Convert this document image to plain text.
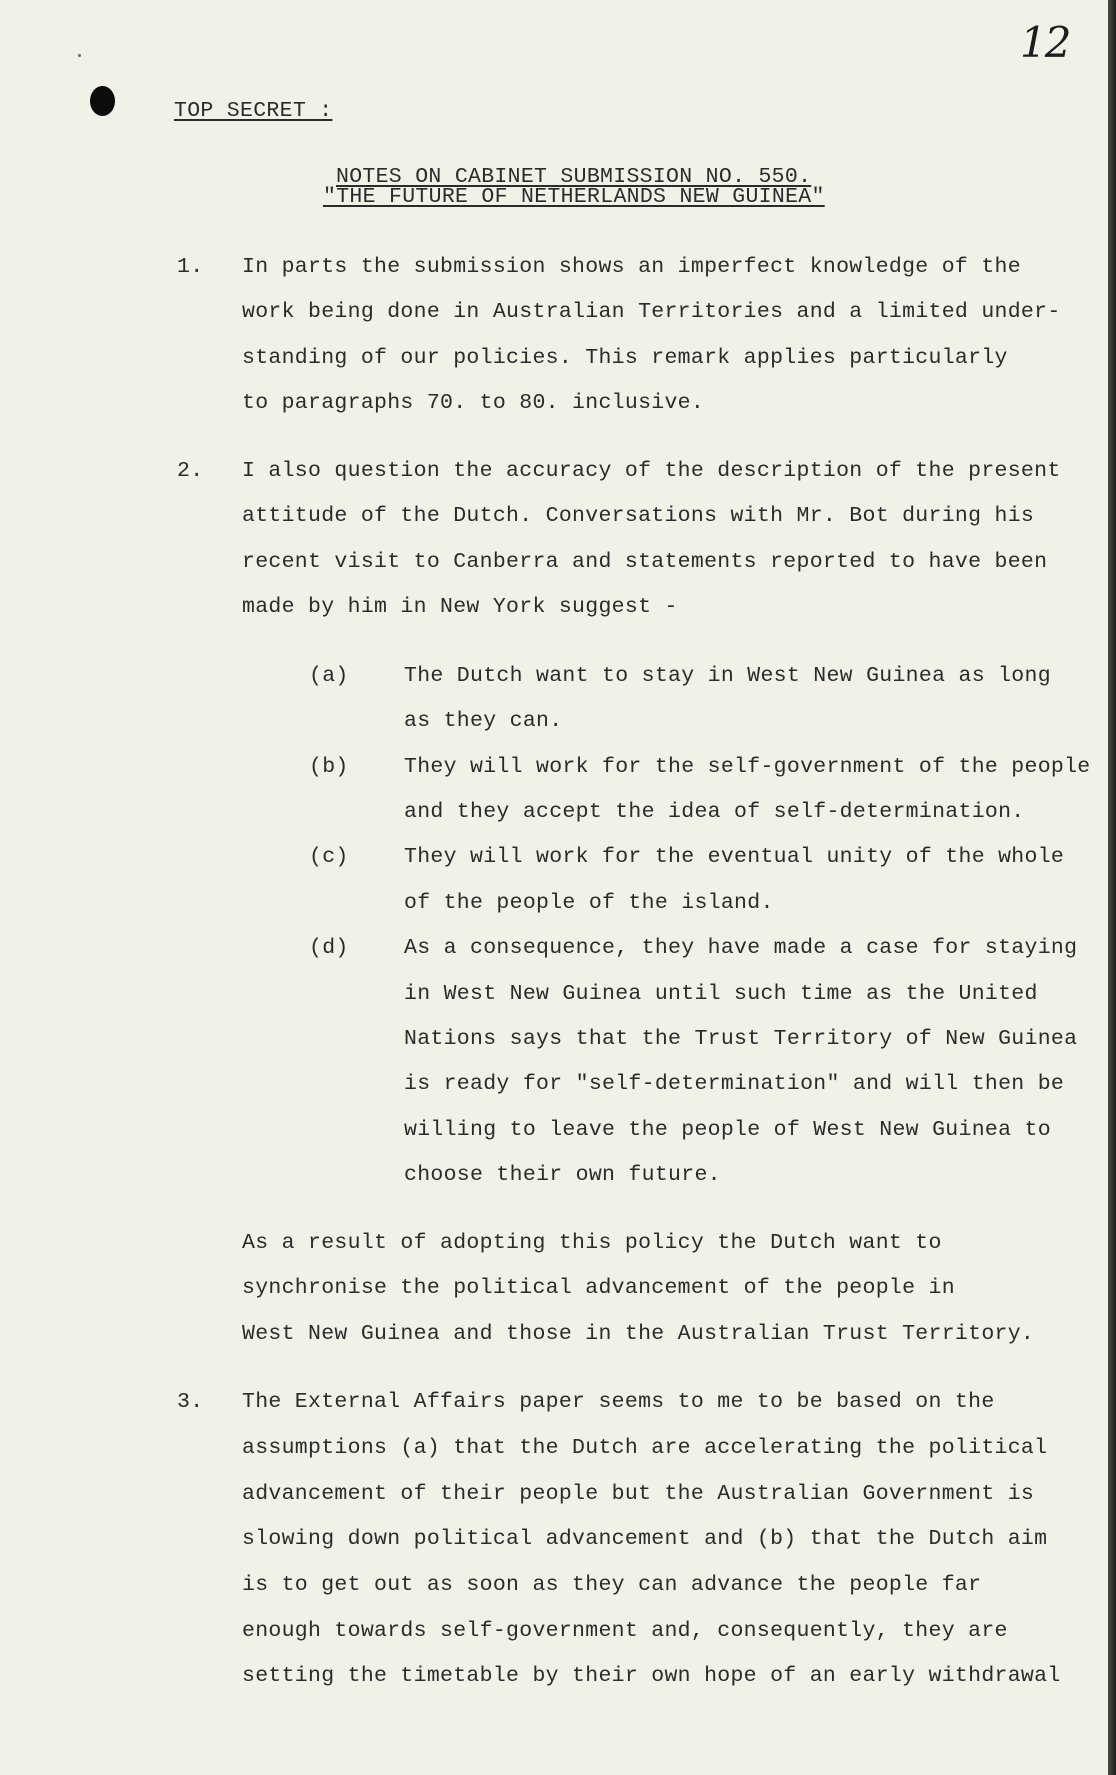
12
TOP SECRET :
NOTES ON CABINET SUBMISSION NO. 550.
"THE FUTURE OF NETHERLANDS NEW GUINEA"
1. In parts the submission shows an imperfect knowledge of the
work being done in Australian Territories and a limited under-
standing of our policies. This remark applies particularly
to paragraphs 70. to 80. inclusive.
2. I also question the accuracy of the description of the present
attitude of the Dutch. Conversations with Mr. Bot during his
recent visit to Canberra and statements reported to have been
made by him in New York suggest -
(a)	The Dutch want to stay in West New Guinea as long
as they can.
(b)	They will work for the self-government of the people
and they accept the idea of self-determination.
(c)	They will work for the eventual unity of the whole
of the people of the island.
(d)	As a consequence, they have made a case for staying
in West New Guinea until such time as the United
Nations says that the Trust Territory of New Guinea
is ready for "self-determination" and will then be
willing to leave the people of West New Guinea to
choose their own future.
As a result of adopting this policy the Dutch want to
synchronise the political advancement of the people in
West New Guinea and those in the Australian Trust Territory.
3. The External Affairs paper seems to me to be based on the
assumptions (a) that the Dutch are accelerating the political
advancement of their people but the Australian Government is
slowing down political advancement and (b) that the Dutch aim
is to get out as soon as they can advance the people far
enough towards self-government and, consequently, they are
setting the timetable by their own hope of an early withdrawal
